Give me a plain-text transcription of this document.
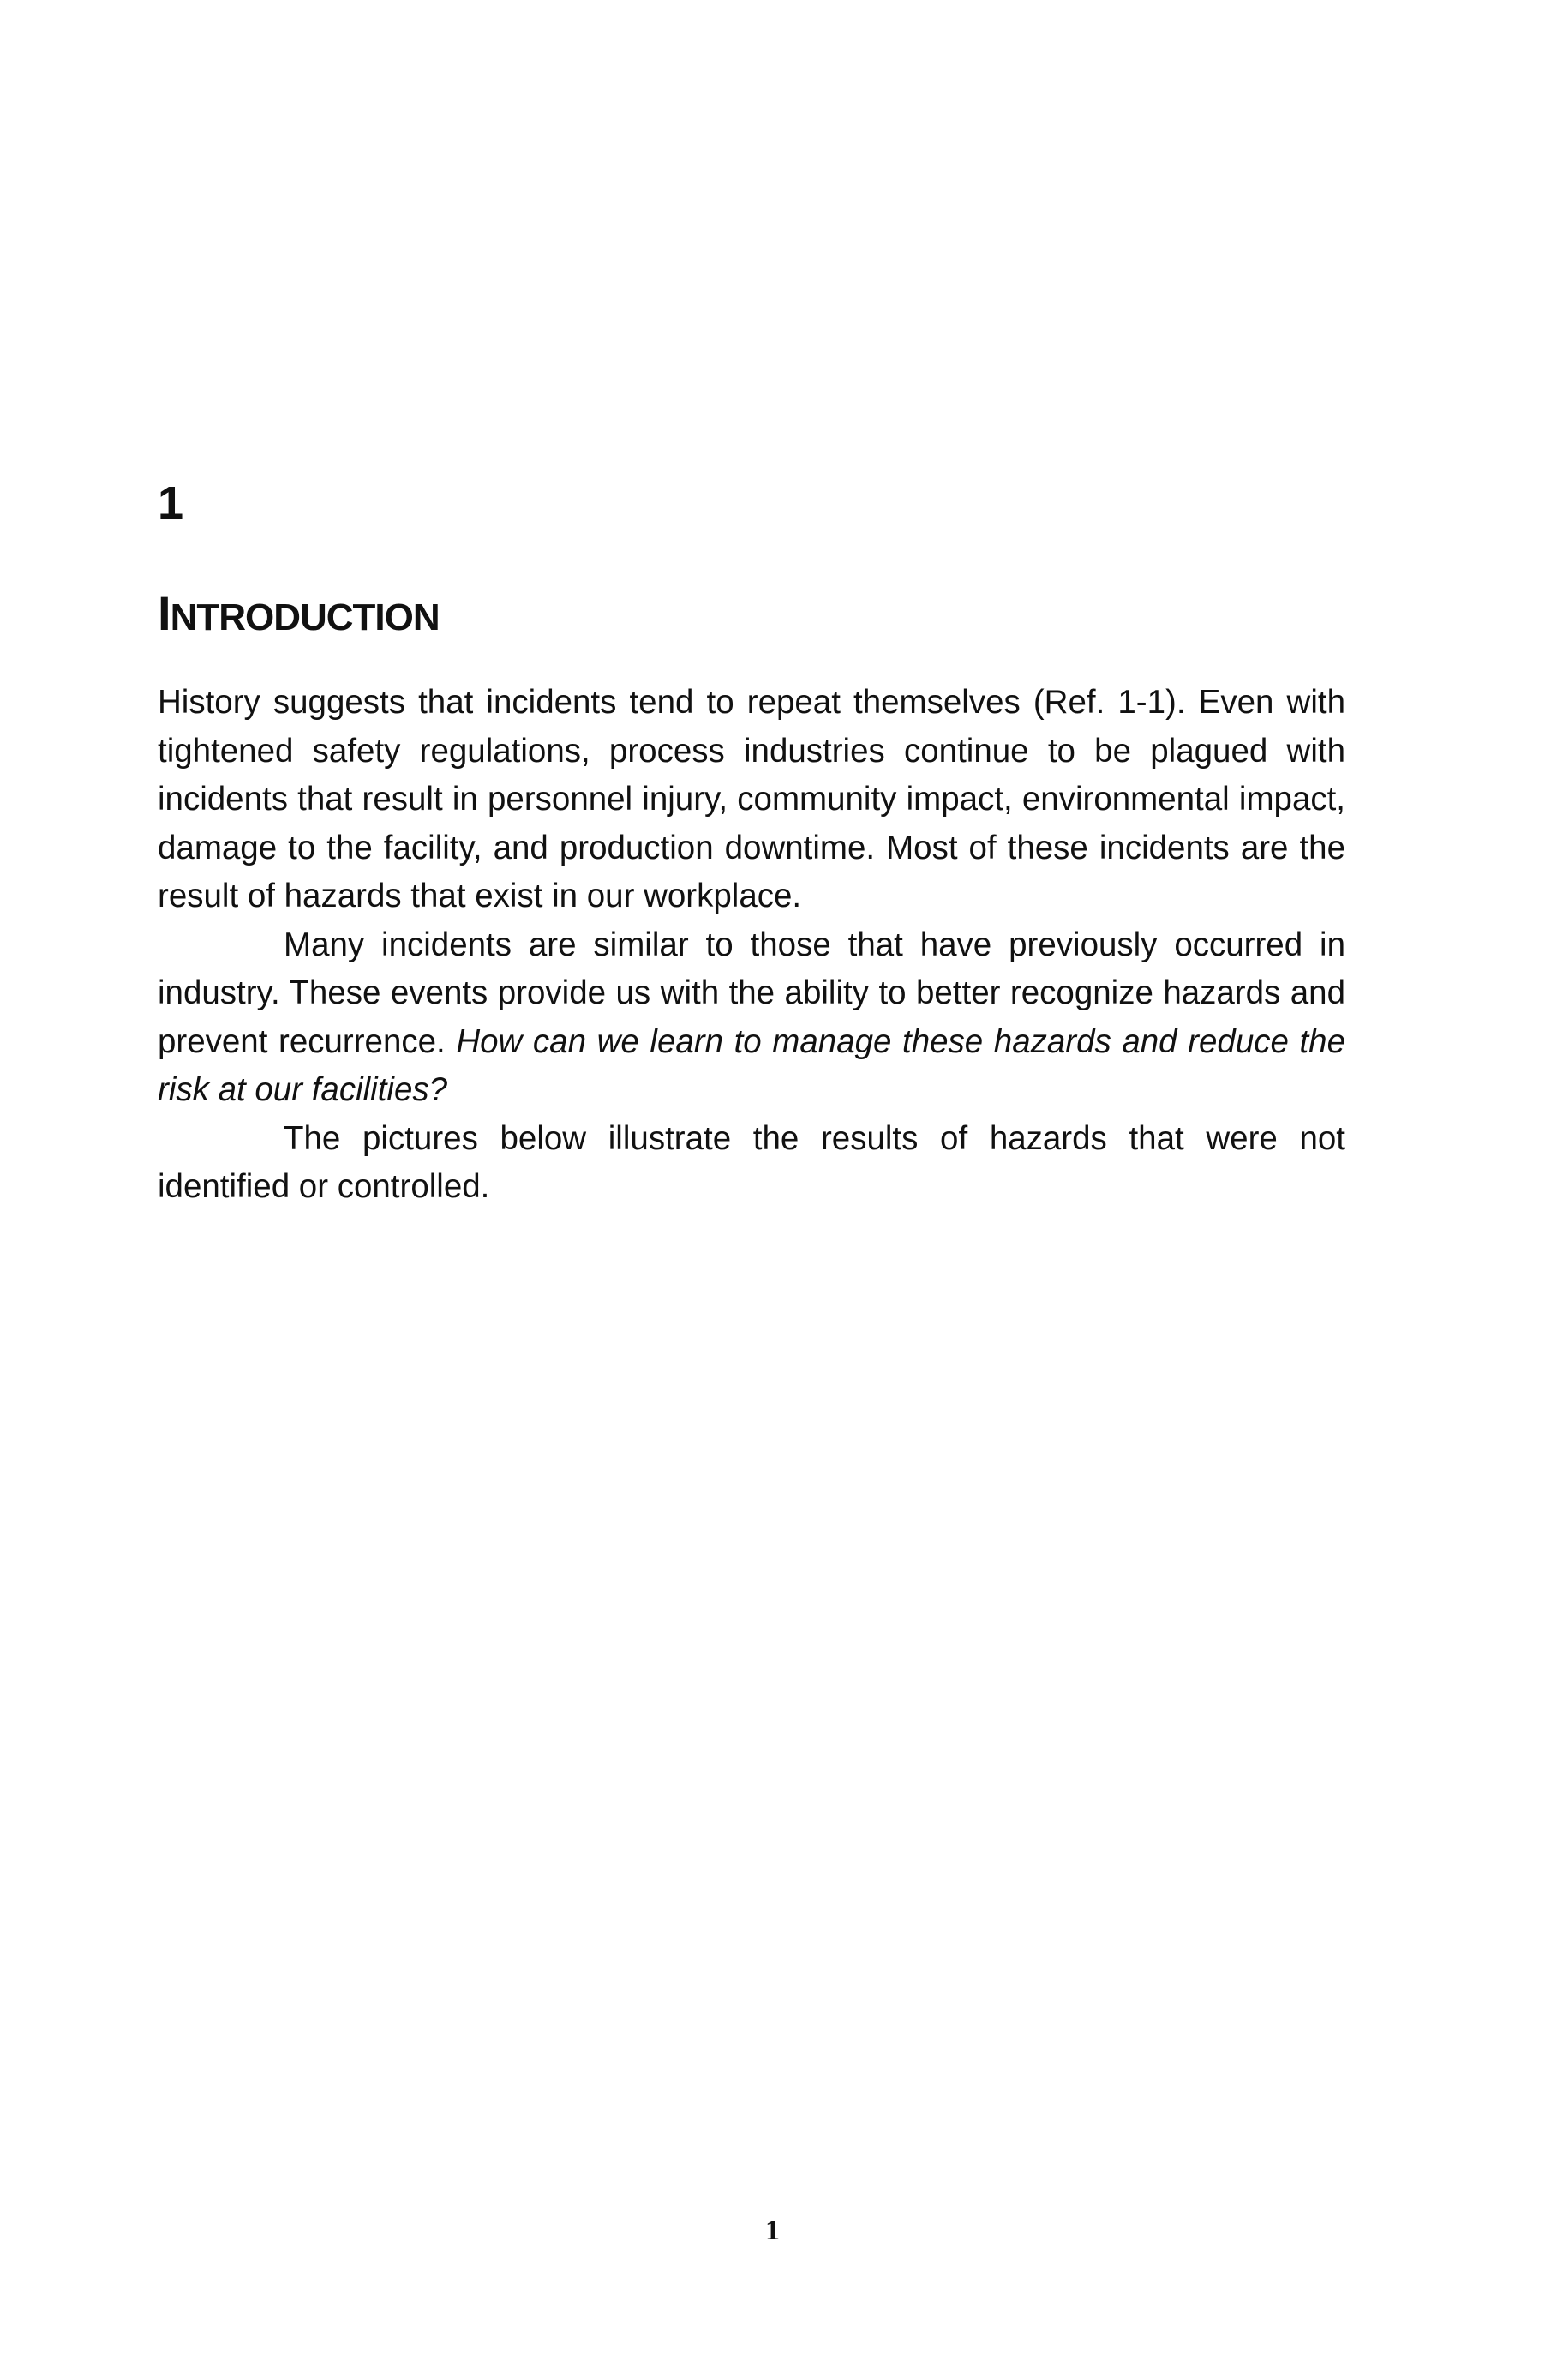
1
INTRODUCTION

History suggests that incidents tend to repeat themselves (Ref. 1-1). Even with tightened safety regulations, process industries continue to be plagued with incidents that result in personnel injury, community impact, environmental impact, damage to the facility, and production downtime. Most of these incidents are the result of hazards that exist in our workplace.

Many incidents are similar to those that have previously occurred in industry. These events provide us with the ability to better recognize hazards and prevent recurrence. How can we learn to manage these hazards and reduce the risk at our facilities?

The pictures below illustrate the results of hazards that were not identified or controlled.

1
